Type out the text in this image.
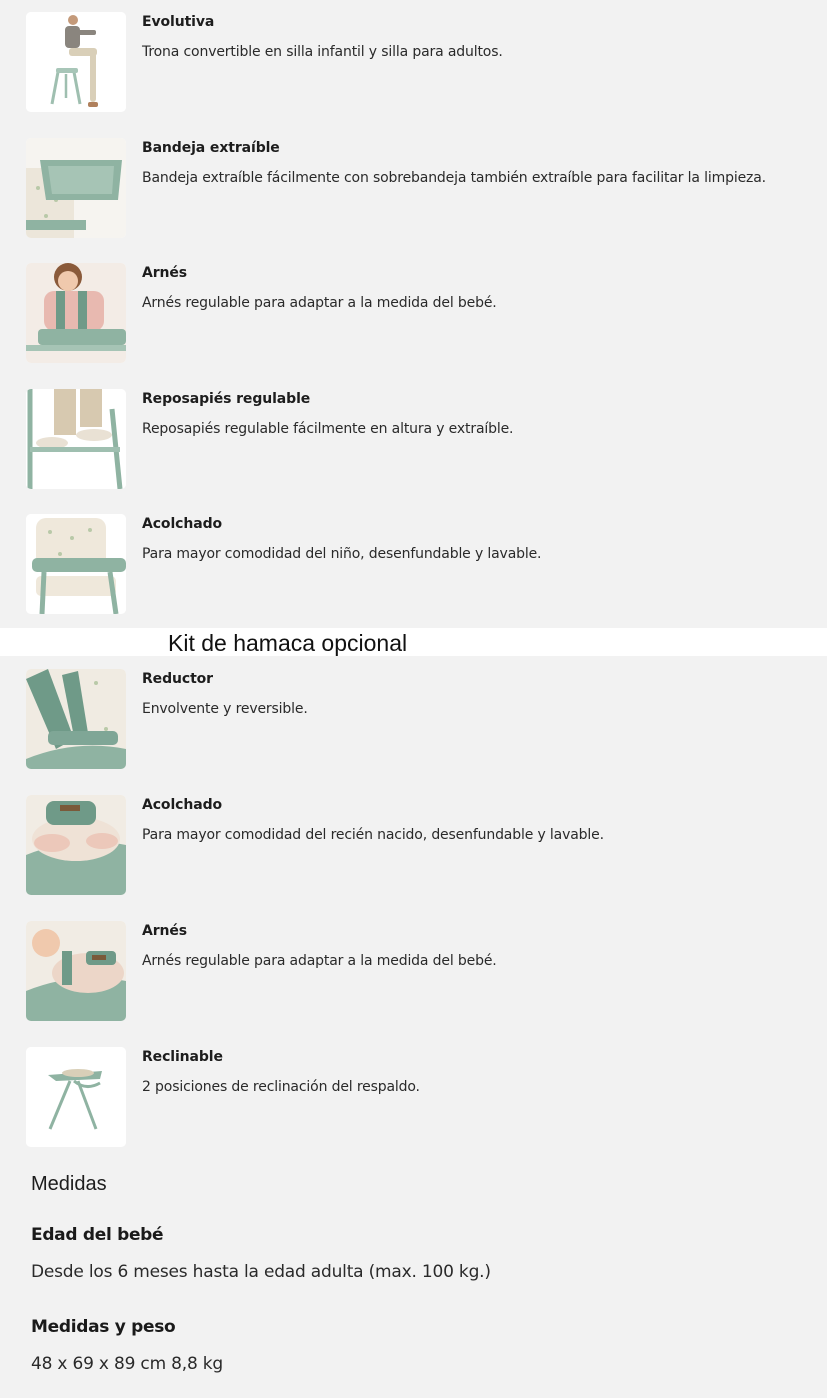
Evolutiva
Trona convertible en silla infantil y silla para adultos.
Bandeja extraíble
Bandeja extraíble fácilmente con sobrebandeja también extraíble para facilitar la limpieza.
Arnés
Arnés regulable para adaptar a la medida del bebé.
Reposapiés regulable
Reposapiés regulable fácilmente en altura y extraíble.
Acolchado
Para mayor comodidad del niño, desenfundable y lavable.
Kit de hamaca opcional
Reductor
Envolvente y reversible.
Acolchado
Para mayor comodidad del recién nacido, desenfundable y lavable.
Arnés
Arnés regulable para adaptar a la medida del bebé.
Reclinable
2 posiciones de reclinación del respaldo.
Medidas
Edad del bebé
Desde los 6 meses hasta la edad adulta (max. 100 kg.)
Medidas y peso
48 x 69 x 89 cm 8,8 kg
